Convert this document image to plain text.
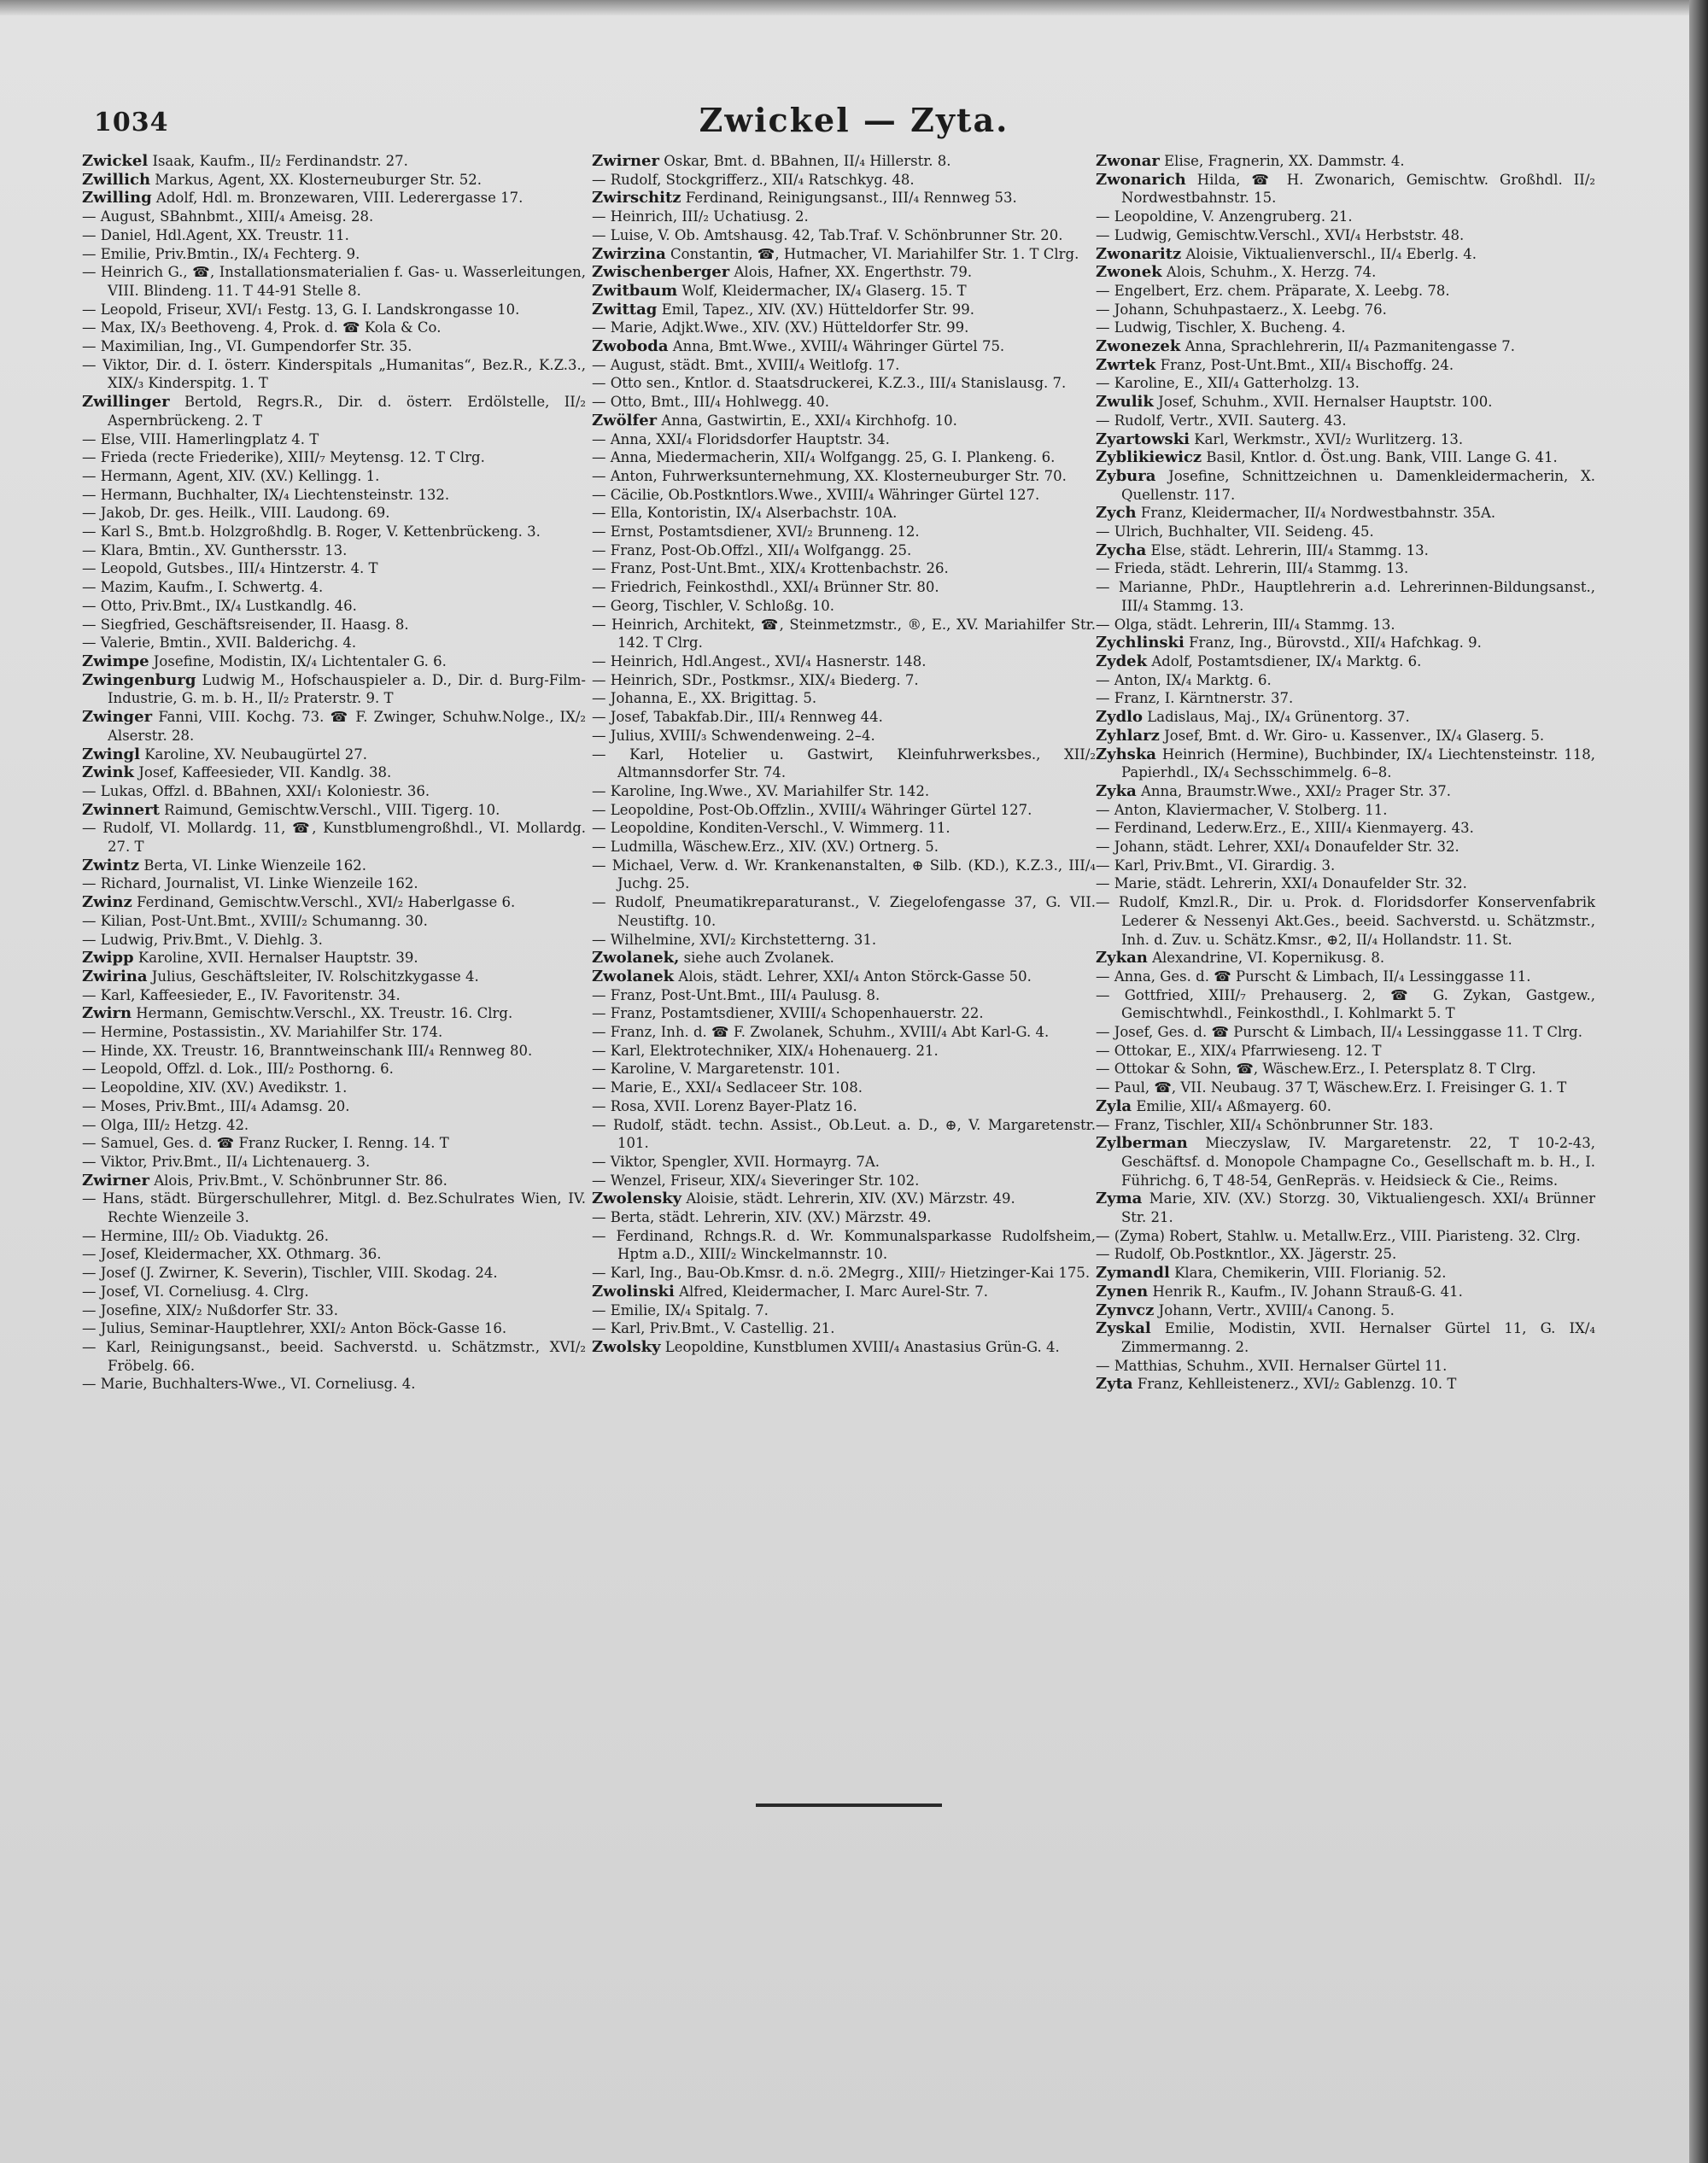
1034	Zwickel — Zyta.
Zwickel Isaak, Kaufm., II/₂ Ferdinandstr. 27.
Zwillich Markus, Agent, XX. Klosterneuburger Str. 52.
Zwilling Adolf, Hdl. m. Bronzewaren, VIII. Lederergasse 17.
— August, SBahnbmt., XIII/₄ Ameisg. 28.
— Daniel, Hdl.Agent, XX. Treustr. 11.
— Emilie, Priv.Bmtin., IX/₄ Fechterg. 9.
— Heinrich G., ☎, Installationsmaterialien f. Gas- u. Wasserleitungen, VIII. Blindeng. 11. T 44-91 Stelle 8.
— Leopold, Friseur, XVI/₁ Festg. 13, G. I. Landskrongasse 10.
— Max, IX/₃ Beethoveng. 4, Prok. d. ☎ Kola & Co.
— Maximilian, Ing., VI. Gumpendorfer Str. 35.
— Viktor, Dir. d. I. österr. Kinderspitals „Humanitas“, Bez.R., K.Z.3., XIX/₃ Kinderspitg. 1. T
Zwillinger Bertold, Regrs.R., Dir. d. österr. Erdölstelle, II/₂ Aspernbrückeng. 2. T
— Else, VIII. Hamerlingplatz 4. T
— Frieda (recte Friederike), XIII/₇ Meytensg. 12. T Clrg.
— Hermann, Agent, XIV. (XV.) Kellingg. 1.
— Hermann, Buchhalter, IX/₄ Liechtensteinstr. 132.
— Jakob, Dr. ges. Heilk., VIII. Laudong. 69.
— Karl S., Bmt.b. Holzgroßhdlg. B. Roger, V. Kettenbrückeng. 3.
— Klara, Bmtin., XV. Gunthersstr. 13.
— Leopold, Gutsbes., III/₄ Hintzerstr. 4. T
— Mazim, Kaufm., I. Schwertg. 4.
— Otto, Priv.Bmt., IX/₄ Lustkandlg. 46.
— Siegfried, Geschäftsreisender, II. Haasg. 8.
— Valerie, Bmtin., XVII. Balderichg. 4.
Zwimpe Josefine, Modistin, IX/₄ Lichtentaler G. 6.
Zwingenburg Ludwig M., Hofschauspieler a. D., Dir. d. Burg-Film-Industrie, G. m. b. H., II/₂ Praterstr. 9. T
Zwinger Fanni, VIII. Kochg. 73. ☎ F. Zwinger, Schuhw.Nolge., IX/₂ Alserstr. 28.
Zwingl Karoline, XV. Neubaugürtel 27.
Zwink Josef, Kaffeesieder, VII. Kandlg. 38.
— Lukas, Offzl. d. BBahnen, XXI/₁ Koloniestr. 36.
Zwinnert Raimund, Gemischtw.Verschl., VIII. Tigerg. 10.
— Rudolf, VI. Mollardg. 11, ☎, Kunstblumengroßhdl., VI. Mollardg. 27. T
Zwintz Berta, VI. Linke Wienzeile 162.
— Richard, Journalist, VI. Linke Wienzeile 162.
Zwinz Ferdinand, Gemischtw.Verschl., XVI/₂ Haberlgasse 6.
— Kilian, Post-Unt.Bmt., XVIII/₂ Schumanng. 30.
— Ludwig, Priv.Bmt., V. Diehlg. 3.
Zwipp Karoline, XVII. Hernalser Hauptstr. 39.
Zwirina Julius, Geschäftsleiter, IV. Rolschitzkygasse 4.
— Karl, Kaffeesieder, E., IV. Favoritenstr. 34.
Zwirn Hermann, Gemischtw.Verschl., XX. Treustr. 16. Clrg.
— Hermine, Postassistin., XV. Mariahilfer Str. 174.
— Hinde, XX. Treustr. 16, Branntweinschank III/₄ Rennweg 80.
— Leopold, Offzl. d. Lok., III/₂ Posthorng. 6.
— Leopoldine, XIV. (XV.) Avedikstr. 1.
— Moses, Priv.Bmt., III/₄ Adamsg. 20.
— Olga, III/₂ Hetzg. 42.
— Samuel, Ges. d. ☎ Franz Rucker, I. Renng. 14. T
— Viktor, Priv.Bmt., II/₄ Lichtenauerg. 3.
Zwirner Alois, Priv.Bmt., V. Schönbrunner Str. 86.
— Hans, städt. Bürgerschullehrer, Mitgl. d. Bez.Schulrates Wien, IV. Rechte Wienzeile 3.
— Hermine, III/₂ Ob. Viaduktg. 26.
— Josef, Kleidermacher, XX. Othmarg. 36.
— Josef (J. Zwirner, K. Severin), Tischler, VIII. Skodag. 24.
— Josef, VI. Corneliusg. 4. Clrg.
— Josefine, XIX/₂ Nußdorfer Str. 33.
— Julius, Seminar-Hauptlehrer, XXI/₂ Anton Böck-Gasse 16.
— Karl, Reinigungsanst., beeid. Sachverstd. u. Schätzmstr., XVI/₂ Fröbelg. 66.
— Marie, Buchhalters-Wwe., VI. Corneliusg. 4.
Zwirner Oskar, Bmt. d. BBahnen, II/₄ Hillerstr. 8.
— Rudolf, Stockgrifferz., XII/₄ Ratschkyg. 48.
Zwirschitz Ferdinand, Reinigungsanst., III/₄ Rennweg 53.
— Heinrich, III/₂ Uchatiusg. 2.
— Luise, V. Ob. Amtshausg. 42, Tab.Traf. V. Schönbrunner Str. 20.
Zwirzina Constantin, ☎, Hutmacher, VI. Mariahilfer Str. 1. T Clrg.
Zwischenberger Alois, Hafner, XX. Engerthstr. 79.
Zwitbaum Wolf, Kleidermacher, IX/₄ Glaserg. 15. T
Zwittag Emil, Tapez., XIV. (XV.) Hütteldorfer Str. 99.
— Marie, Adjkt.Wwe., XIV. (XV.) Hütteldorfer Str. 99.
Zwoboda Anna, Bmt.Wwe., XVIII/₄ Währinger Gürtel 75.
— August, städt. Bmt., XVIII/₄ Weitlofg. 17.
— Otto sen., Kntlor. d. Staatsdruckerei, K.Z.3., III/₄ Stanislausg. 7.
— Otto, Bmt., III/₄ Hohlwegg. 40.
Zwölfer Anna, Gastwirtin, E., XXI/₄ Kirchhofg. 10.
— Anna, XXI/₄ Floridsdorfer Hauptstr. 34.
— Anna, Miedermacherin, XII/₄ Wolfgangg. 25, G. I. Plankeng. 6.
— Anton, Fuhrwerksunternehmung, XX. Klosterneuburger Str. 70.
— Cäcilie, Ob.Postkntlors.Wwe., XVIII/₄ Währinger Gürtel 127.
— Ella, Kontoristin, IX/₄ Alserbachstr. 10A.
— Ernst, Postamtsdiener, XVI/₂ Brunneng. 12.
— Franz, Post-Ob.Offzl., XII/₄ Wolfgangg. 25.
— Franz, Post-Unt.Bmt., XIX/₄ Krottenbachstr. 26.
— Friedrich, Feinkosthdl., XXI/₄ Brünner Str. 80.
— Georg, Tischler, V. Schloßg. 10.
— Heinrich, Architekt, ☎, Steinmetzmstr., ®, E., XV. Mariahilfer Str. 142. T Clrg.
— Heinrich, Hdl.Angest., XVI/₄ Hasnerstr. 148.
— Heinrich, SDr., Postkmsr., XIX/₄ Biederg. 7.
— Johanna, E., XX. Brigittag. 5.
— Josef, Tabakfab.Dir., III/₄ Rennweg 44.
— Julius, XVIII/₃ Schwendenweing. 2–4.
— Karl, Hotelier u. Gastwirt, Kleinfuhrwerksbes., XII/₂ Altmannsdorfer Str. 74.
— Karoline, Ing.Wwe., XV. Mariahilfer Str. 142.
— Leopoldine, Post-Ob.Offzlin., XVIII/₄ Währinger Gürtel 127.
— Leopoldine, Konditen-Verschl., V. Wimmerg. 11.
— Ludmilla, Wäschew.Erz., XIV. (XV.) Ortnerg. 5.
— Michael, Verw. d. Wr. Krankenanstalten, ⊕ Silb. (KD.), K.Z.3., III/₄ Juchg. 25.
— Rudolf, Pneumatikreparaturanst., V. Ziegelofengasse 37, G. VII. Neustiftg. 10.
— Wilhelmine, XVI/₂ Kirchstetterng. 31.
Zwolanek, siehe auch Zvolanek.
Zwolanek Alois, städt. Lehrer, XXI/₄ Anton Störck-Gasse 50.
— Franz, Post-Unt.Bmt., III/₄ Paulusg. 8.
— Franz, Postamtsdiener, XVIII/₄ Schopenhauerstr. 22.
— Franz, Inh. d. ☎ F. Zwolanek, Schuhm., XVIII/₄ Abt Karl-G. 4.
— Karl, Elektrotechniker, XIX/₄ Hohenauerg. 21.
— Karoline, V. Margaretenstr. 101.
— Marie, E., XXI/₄ Sedlaceer Str. 108.
— Rosa, XVII. Lorenz Bayer-Platz 16.
— Rudolf, städt. techn. Assist., Ob.Leut. a. D., ⊕, V. Margaretenstr. 101.
— Viktor, Spengler, XVII. Hormayrg. 7A.
— Wenzel, Friseur, XIX/₄ Sieveringer Str. 102.
Zwolensky Aloisie, städt. Lehrerin, XIV. (XV.) Märzstr. 49.
— Berta, städt. Lehrerin, XIV. (XV.) Märzstr. 49.
— Ferdinand, Rchngs.R. d. Wr. Kommunalsparkasse Rudolfsheim, Hptm a.D., XIII/₂ Winckelmannstr. 10.
— Karl, Ing., Bau-Ob.Kmsr. d. n.ö. 2Megrg., XIII/₇ Hietzinger-Kai 175.
Zwolinski Alfred, Kleidermacher, I. Marc Aurel-Str. 7.
— Emilie, IX/₄ Spitalg. 7.
— Karl, Priv.Bmt., V. Castellig. 21.
Zwolsky Leopoldine, Kunstblumen XVIII/₄ Anastasius Grün-G. 4.
Zwonar Elise, Fragnerin, XX. Dammstr. 4.
Zwonarich Hilda, ☎ H. Zwonarich, Gemischtw. Großhdl. II/₂ Nordwestbahnstr. 15.
— Leopoldine, V. Anzengruberg. 21.
— Ludwig, Gemischtw.Verschl., XVI/₄ Herbststr. 48.
Zwonaritz Aloisie, Viktualienverschl., II/₄ Eberlg. 4.
Zwonek Alois, Schuhm., X. Herzg. 74.
— Engelbert, Erz. chem. Präparate, X. Leebg. 78.
— Johann, Schuhpastaerz., X. Leebg. 76.
— Ludwig, Tischler, X. Bucheng. 4.
Zwonezek Anna, Sprachlehrerin, II/₄ Pazmanitengasse 7.
Zwrtek Franz, Post-Unt.Bmt., XII/₄ Bischoffg. 24.
— Karoline, E., XII/₄ Gatterholzg. 13.
Zwulik Josef, Schuhm., XVII. Hernalser Hauptstr. 100.
— Rudolf, Vertr., XVII. Sauterg. 43.
Zyartowski Karl, Werkmstr., XVI/₂ Wurlitzerg. 13.
Zyblikiewicz Basil, Kntlor. d. Öst.ung. Bank, VIII. Lange G. 41.
Zybura Josefine, Schnittzeichnen u. Damenkleidermacherin, X. Quellenstr. 117.
Zych Franz, Kleidermacher, II/₄ Nordwestbahnstr. 35A.
— Ulrich, Buchhalter, VII. Seideng. 45.
Zycha Else, städt. Lehrerin, III/₄ Stammg. 13.
— Frieda, städt. Lehrerin, III/₄ Stammg. 13.
— Marianne, PhDr., Hauptlehrerin a.d. Lehrerinnen-Bildungsanst., III/₄ Stammg. 13.
— Olga, städt. Lehrerin, III/₄ Stammg. 13.
Zychlinski Franz, Ing., Bürovstd., XII/₄ Hafchkag. 9.
Zydek Adolf, Postamtsdiener, IX/₄ Marktg. 6.
— Anton, IX/₄ Marktg. 6.
— Franz, I. Kärntnerstr. 37.
Zydlo Ladislaus, Maj., IX/₄ Grünentorg. 37.
Zyhlarz Josef, Bmt. d. Wr. Giro- u. Kassenver., IX/₄ Glaserg. 5.
Zyhska Heinrich (Hermine), Buchbinder, IX/₄ Liechtensteinstr. 118, Papierhdl., IX/₄ Sechsschimmelg. 6–8.
Zyka Anna, Braumstr.Wwe., XXI/₂ Prager Str. 37.
— Anton, Klaviermacher, V. Stolberg. 11.
— Ferdinand, Lederw.Erz., E., XIII/₄ Kienmayerg. 43.
— Johann, städt. Lehrer, XXI/₄ Donaufelder Str. 32.
— Karl, Priv.Bmt., VI. Girardig. 3.
— Marie, städt. Lehrerin, XXI/₄ Donaufelder Str. 32.
— Rudolf, Kmzl.R., Dir. u. Prok. d. Floridsdorfer Konservenfabrik Lederer & Nessenyi Akt.Ges., beeid. Sachverstd. u. Schätzmstr., Inh. d. Zuv. u. Schätz.Kmsr., ⊕2, II/₄ Hollandstr. 11. St.
Zykan Alexandrine, VI. Kopernikusg. 8.
— Anna, Ges. d. ☎ Purscht & Limbach, II/₄ Lessinggasse 11.
— Gottfried, XIII/₇ Prehauserg. 2, ☎ G. Zykan, Gastgew., Gemischtwhdl., Feinkosthdl., I. Kohlmarkt 5. T
— Josef, Ges. d. ☎ Purscht & Limbach, II/₄ Lessinggasse 11. T Clrg.
— Ottokar, E., XIX/₄ Pfarrwieseng. 12. T
— Ottokar & Sohn, ☎, Wäschew.Erz., I. Petersplatz 8. T Clrg.
— Paul, ☎, VII. Neubaug. 37 T, Wäschew.Erz. I. Freisinger G. 1. T
Zyla Emilie, XII/₄ Aßmayerg. 60.
— Franz, Tischler, XII/₄ Schönbrunner Str. 183.
Zylberman Mieczyslaw, IV. Margaretenstr. 22, T 10-2-43, Geschäftsf. d. Monopole Champagne Co., Gesellschaft m. b. H., I. Führichg. 6, T 48-54, GenRepräs. v. Heidsieck & Cie., Reims.
Zyma Marie, XIV. (XV.) Storzg. 30, Viktualiengesch. XXI/₄ Brünner Str. 21.
— (Zyma) Robert, Stahlw. u. Metallw.Erz., VIII. Piaristeng. 32. Clrg.
— Rudolf, Ob.Postkntlor., XX. Jägerstr. 25.
Zymandl Klara, Chemikerin, VIII. Florianig. 52.
Zynen Henrik R., Kaufm., IV. Johann Strauß-G. 41.
Zynvcz Johann, Vertr., XVIII/₄ Canong. 5.
Zyskal Emilie, Modistin, XVII. Hernalser Gürtel 11, G. IX/₄ Zimmermanng. 2.
— Matthias, Schuhm., XVII. Hernalser Gürtel 11.
Zyta Franz, Kehlleistenerz., XVI/₂ Gablenzg. 10. T
